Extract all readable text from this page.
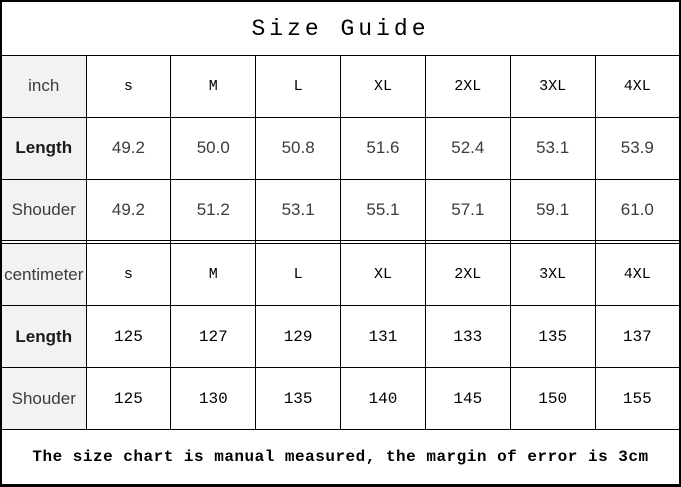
Size Guide							
inch	s	M	L	XL	2XL	3XL	4XL
Length	49.2	50.0	50.8	51.6	52.4	53.1	53.9
Shouder	49.2	51.2	53.1	55.1	57.1	59.1	61.0

centimeter	s	M	L	XL	2XL	3XL	4XL
Length	125	127	129	131	133	135	137
Shouder	125	130	135	140	145	150	155
The size chart is manual measured, the margin of error is 3cm							
